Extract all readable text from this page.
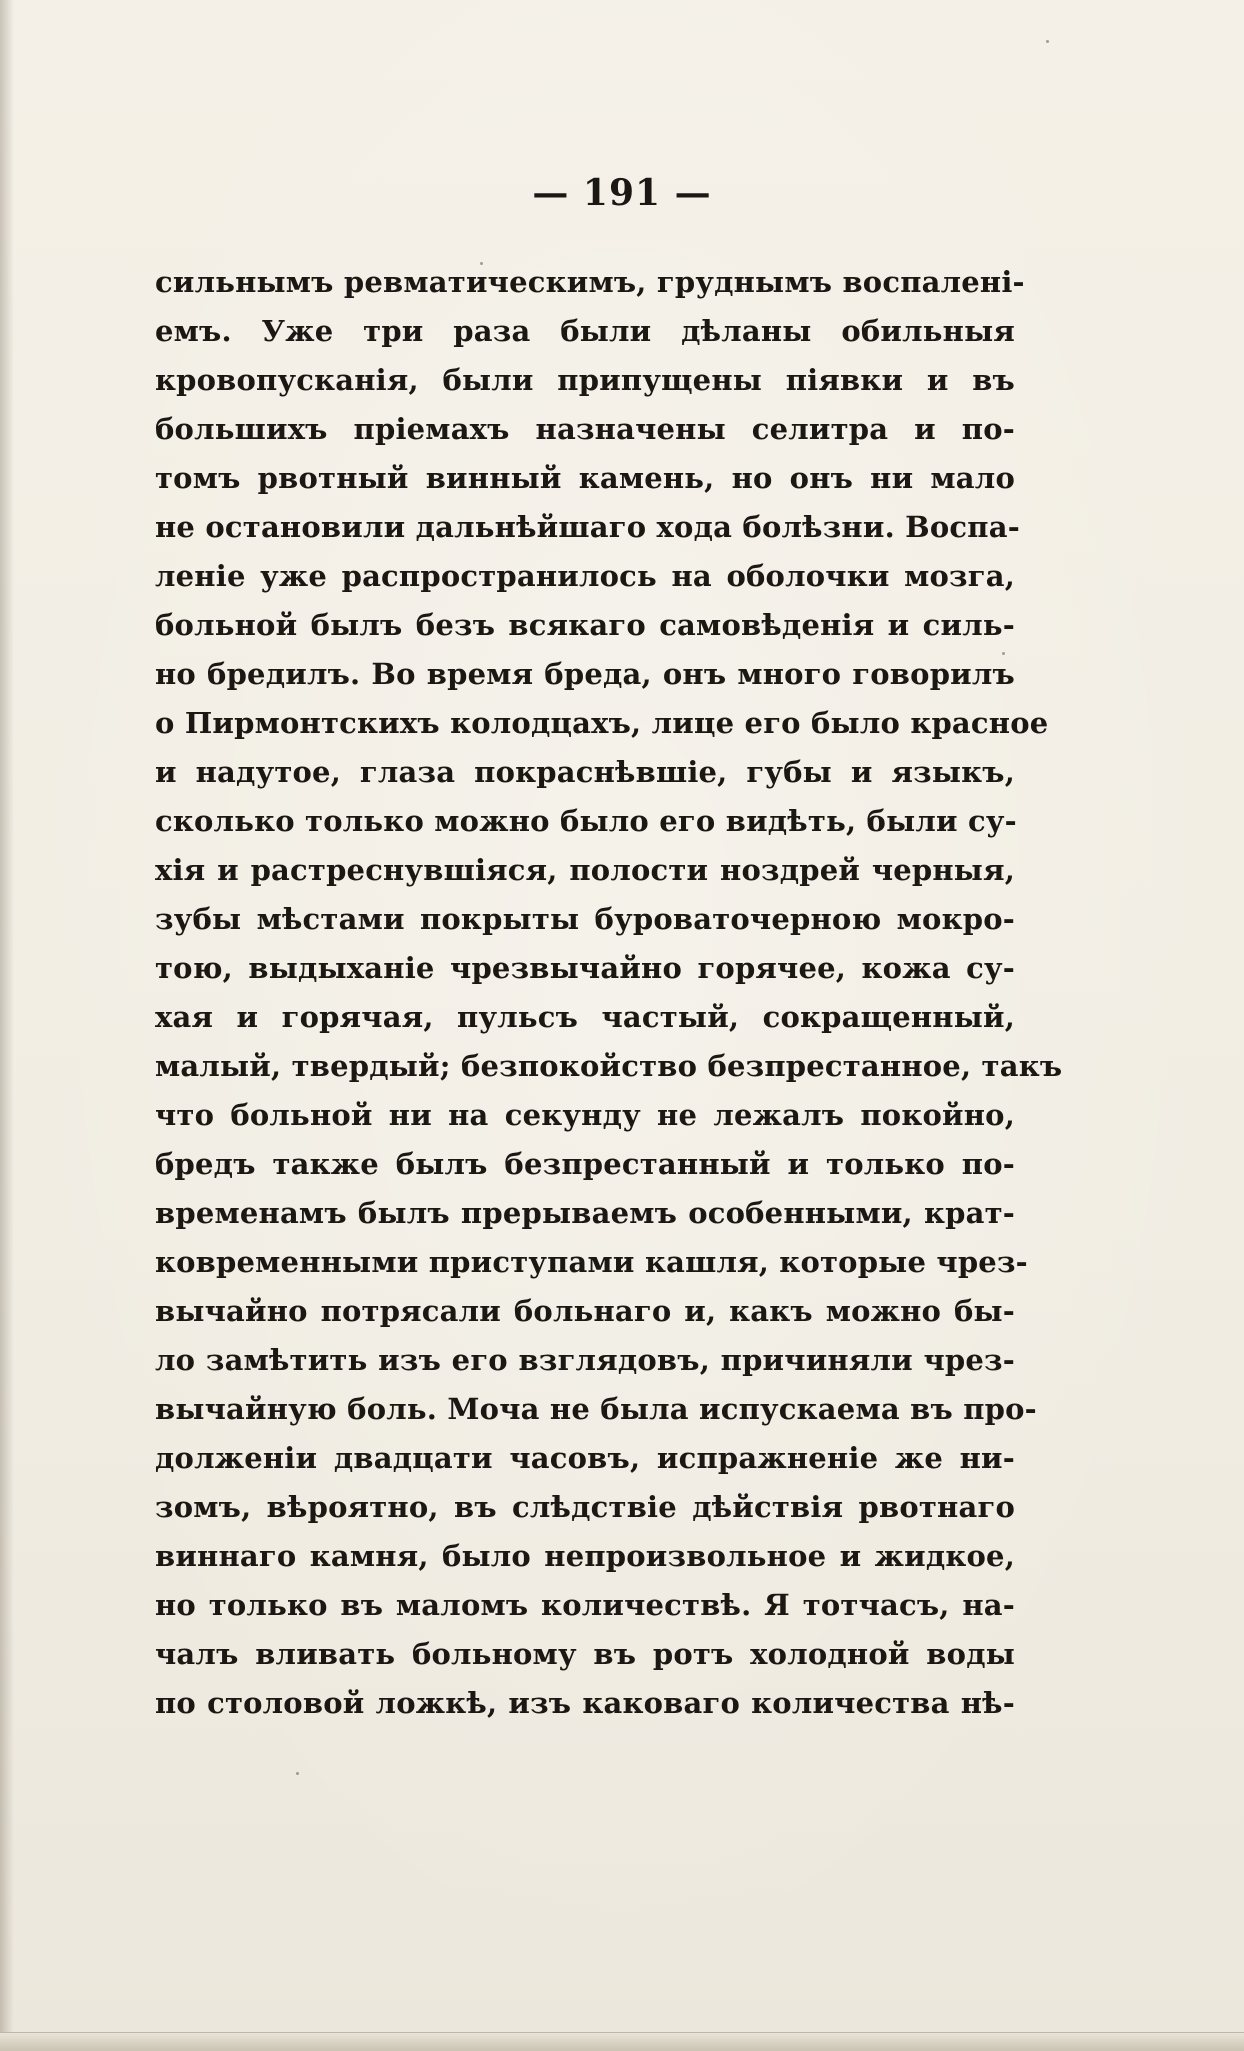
— 191 —
сильнымъ ревматическимъ, груднымъ воспаленi-
емъ. Уже три раза были дѣланы обильныя
кровопусканiя, были припущены пiявки и въ
большихъ прiемахъ назначены селитра и по-
томъ рвотный винный камень, но онъ ни мало
не остановили дальнѣйшаго хода болѣзни. Воспа-
ленiе уже распространилось на оболочки мозга,
больной былъ безъ всякаго самовѣденiя и силь-
но бредилъ. Во время бреда, онъ много говорилъ
о Пирмонтскихъ колодцахъ, лице его было красное
и надутое, глаза покраснѣвшiе, губы и языкъ,
сколько только можно было его видѣть, были су-
хiя и растреснувшiяся, полости ноздрей черныя,
зубы мѣстами покрыты буроваточерною мокро-
тою, выдыханiе чрезвычайно горячее, кожа су-
хая и горячая, пульсъ частый, сокращенный,
малый, твердый; безпокойство безпрестанное, такъ
что больной ни на секунду не лежалъ покойно,
бредъ также былъ безпрестанный и только по-
временамъ былъ прерываемъ особенными, крат-
ковременными приступами кашля, которые чрез-
вычайно потрясали больнаго и, какъ можно бы-
ло замѣтить изъ его взглядовъ, причиняли чрез-
вычайную боль. Моча не была испускаема въ про-
долженiи двадцати часовъ, испражненiе же ни-
зомъ, вѣроятно, въ слѣдствiе дѣйствiя рвотнаго
виннаго камня, было непроизвольное и жидкое,
но только въ маломъ количествѣ. Я тотчасъ, на-
чалъ вливать больному въ ротъ холодной воды
по столовой ложкѣ, изъ каковаго количества нѣ-
